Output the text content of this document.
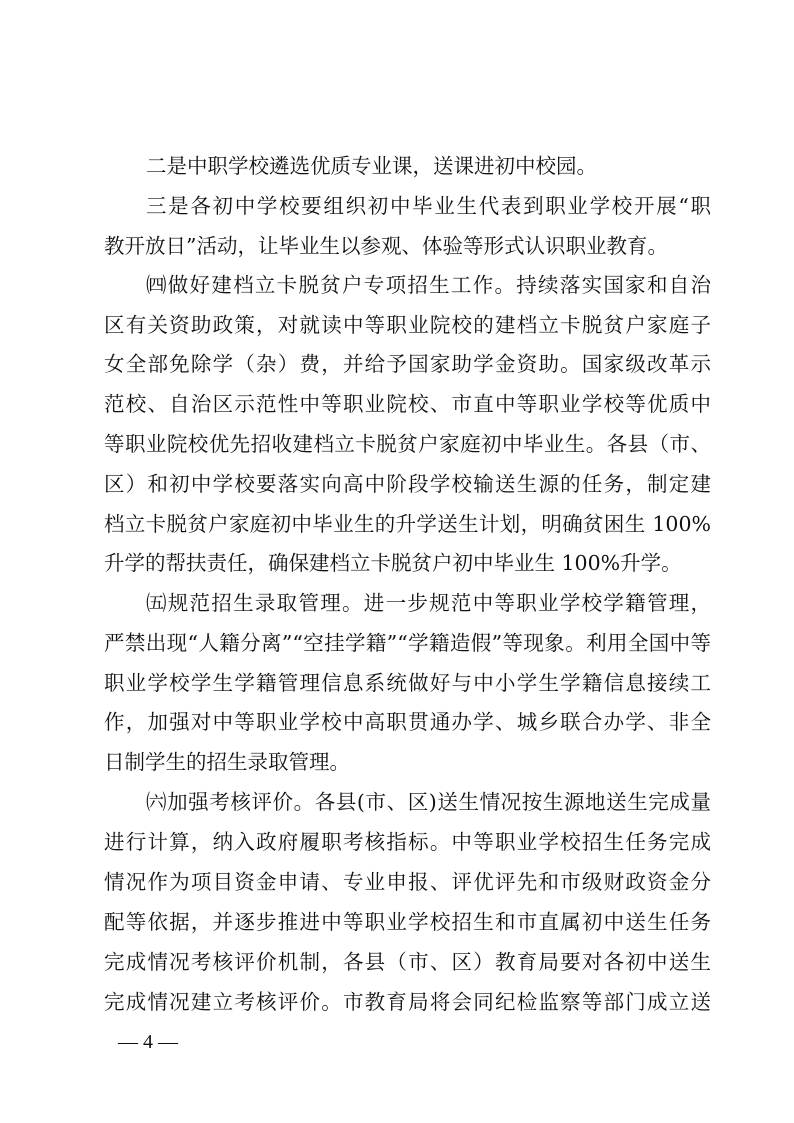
二是中职学校遴选优质专业课，送课进初中校园。
三是各初中学校要组织初中毕业生代表到职业学校开展“职
教开放日”活动，让毕业生以参观、体验等形式认识职业教育。
㈣做好建档立卡脱贫户专项招生工作。持续落实国家和自治
区有关资助政策，对就读中等职业院校的建档立卡脱贫户家庭子
女全部免除学（杂）费，并给予国家助学金资助。国家级改革示
范校、自治区示范性中等职业院校、市直中等职业学校等优质中
等职业院校优先招收建档立卡脱贫户家庭初中毕业生。各县（市、
区）和初中学校要落实向高中阶段学校输送生源的任务，制定建
档立卡脱贫户家庭初中毕业生的升学送生计划，明确贫困生 100%
升学的帮扶责任，确保建档立卡脱贫户初中毕业生 100%升学。
㈤规范招生录取管理。进一步规范中等职业学校学籍管理，
严禁出现“人籍分离”“空挂学籍”“学籍造假”等现象。利用全国中等
职业学校学生学籍管理信息系统做好与中小学生学籍信息接续工
作，加强对中等职业学校中高职贯通办学、城乡联合办学、非全
日制学生的招生录取管理。
㈥加强考核评价。各县(市、区)送生情况按生源地送生完成量
进行计算，纳入政府履职考核指标。中等职业学校招生任务完成
情况作为项目资金申请、专业申报、评优评先和市级财政资金分
配等依据，并逐步推进中等职业学校招生和市直属初中送生任务
完成情况考核评价机制，各县（市、区）教育局要对各初中送生
完成情况建立考核评价。市教育局将会同纪检监察等部门成立送
— 4 —
